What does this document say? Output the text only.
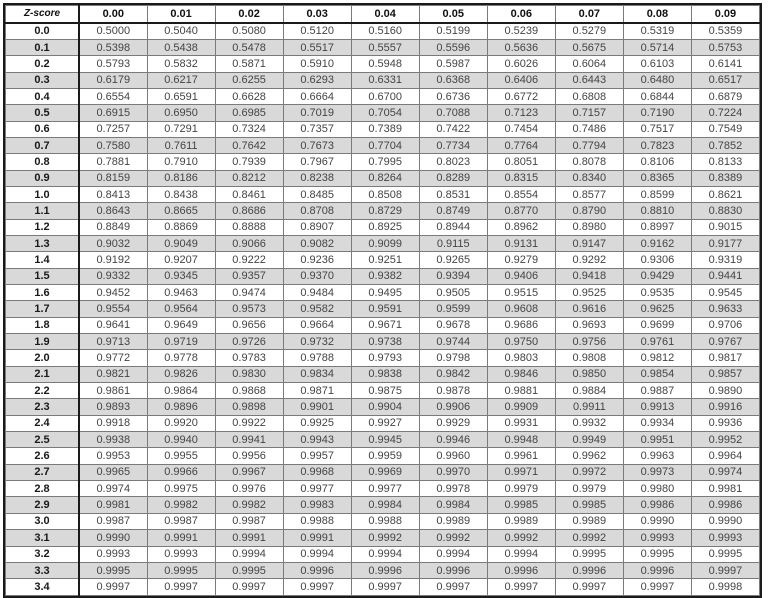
Z-score	0.00	0.01	0.02	0.03	0.04	0.05	0.06	0.07	0.08	0.09
0.0	0.5000	0.5040	0.5080	0.5120	0.5160	0.5199	0.5239	0.5279	0.5319	0.5359
0.1	0.5398	0.5438	0.5478	0.5517	0.5557	0.5596	0.5636	0.5675	0.5714	0.5753
0.2	0.5793	0.5832	0.5871	0.5910	0.5948	0.5987	0.6026	0.6064	0.6103	0.6141
0.3	0.6179	0.6217	0.6255	0.6293	0.6331	0.6368	0.6406	0.6443	0.6480	0.6517
0.4	0.6554	0.6591	0.6628	0.6664	0.6700	0.6736	0.6772	0.6808	0.6844	0.6879
0.5	0.6915	0.6950	0.6985	0.7019	0.7054	0.7088	0.7123	0.7157	0.7190	0.7224
0.6	0.7257	0.7291	0.7324	0.7357	0.7389	0.7422	0.7454	0.7486	0.7517	0.7549
0.7	0.7580	0.7611	0.7642	0.7673	0.7704	0.7734	0.7764	0.7794	0.7823	0.7852
0.8	0.7881	0.7910	0.7939	0.7967	0.7995	0.8023	0.8051	0.8078	0.8106	0.8133
0.9	0.8159	0.8186	0.8212	0.8238	0.8264	0.8289	0.8315	0.8340	0.8365	0.8389
1.0	0.8413	0.8438	0.8461	0.8485	0.8508	0.8531	0.8554	0.8577	0.8599	0.8621
1.1	0.8643	0.8665	0.8686	0.8708	0.8729	0.8749	0.8770	0.8790	0.8810	0.8830
1.2	0.8849	0.8869	0.8888	0.8907	0.8925	0.8944	0.8962	0.8980	0.8997	0.9015
1.3	0.9032	0.9049	0.9066	0.9082	0.9099	0.9115	0.9131	0.9147	0.9162	0.9177
1.4	0.9192	0.9207	0.9222	0.9236	0.9251	0.9265	0.9279	0.9292	0.9306	0.9319
1.5	0.9332	0.9345	0.9357	0.9370	0.9382	0.9394	0.9406	0.9418	0.9429	0.9441
1.6	0.9452	0.9463	0.9474	0.9484	0.9495	0.9505	0.9515	0.9525	0.9535	0.9545
1.7	0.9554	0.9564	0.9573	0.9582	0.9591	0.9599	0.9608	0.9616	0.9625	0.9633
1.8	0.9641	0.9649	0.9656	0.9664	0.9671	0.9678	0.9686	0.9693	0.9699	0.9706
1.9	0.9713	0.9719	0.9726	0.9732	0.9738	0.9744	0.9750	0.9756	0.9761	0.9767
2.0	0.9772	0.9778	0.9783	0.9788	0.9793	0.9798	0.9803	0.9808	0.9812	0.9817
2.1	0.9821	0.9826	0.9830	0.9834	0.9838	0.9842	0.9846	0.9850	0.9854	0.9857
2.2	0.9861	0.9864	0.9868	0.9871	0.9875	0.9878	0.9881	0.9884	0.9887	0.9890
2.3	0.9893	0.9896	0.9898	0.9901	0.9904	0.9906	0.9909	0.9911	0.9913	0.9916
2.4	0.9918	0.9920	0.9922	0.9925	0.9927	0.9929	0.9931	0.9932	0.9934	0.9936
2.5	0.9938	0.9940	0.9941	0.9943	0.9945	0.9946	0.9948	0.9949	0.9951	0.9952
2.6	0.9953	0.9955	0.9956	0.9957	0.9959	0.9960	0.9961	0.9962	0.9963	0.9964
2.7	0.9965	0.9966	0.9967	0.9968	0.9969	0.9970	0.9971	0.9972	0.9973	0.9974
2.8	0.9974	0.9975	0.9976	0.9977	0.9977	0.9978	0.9979	0.9979	0.9980	0.9981
2.9	0.9981	0.9982	0.9982	0.9983	0.9984	0.9984	0.9985	0.9985	0.9986	0.9986
3.0	0.9987	0.9987	0.9987	0.9988	0.9988	0.9989	0.9989	0.9989	0.9990	0.9990
3.1	0.9990	0.9991	0.9991	0.9991	0.9992	0.9992	0.9992	0.9992	0.9993	0.9993
3.2	0.9993	0.9993	0.9994	0.9994	0.9994	0.9994	0.9994	0.9995	0.9995	0.9995
3.3	0.9995	0.9995	0.9995	0.9996	0.9996	0.9996	0.9996	0.9996	0.9996	0.9997
3.4	0.9997	0.9997	0.9997	0.9997	0.9997	0.9997	0.9997	0.9997	0.9997	0.9998
